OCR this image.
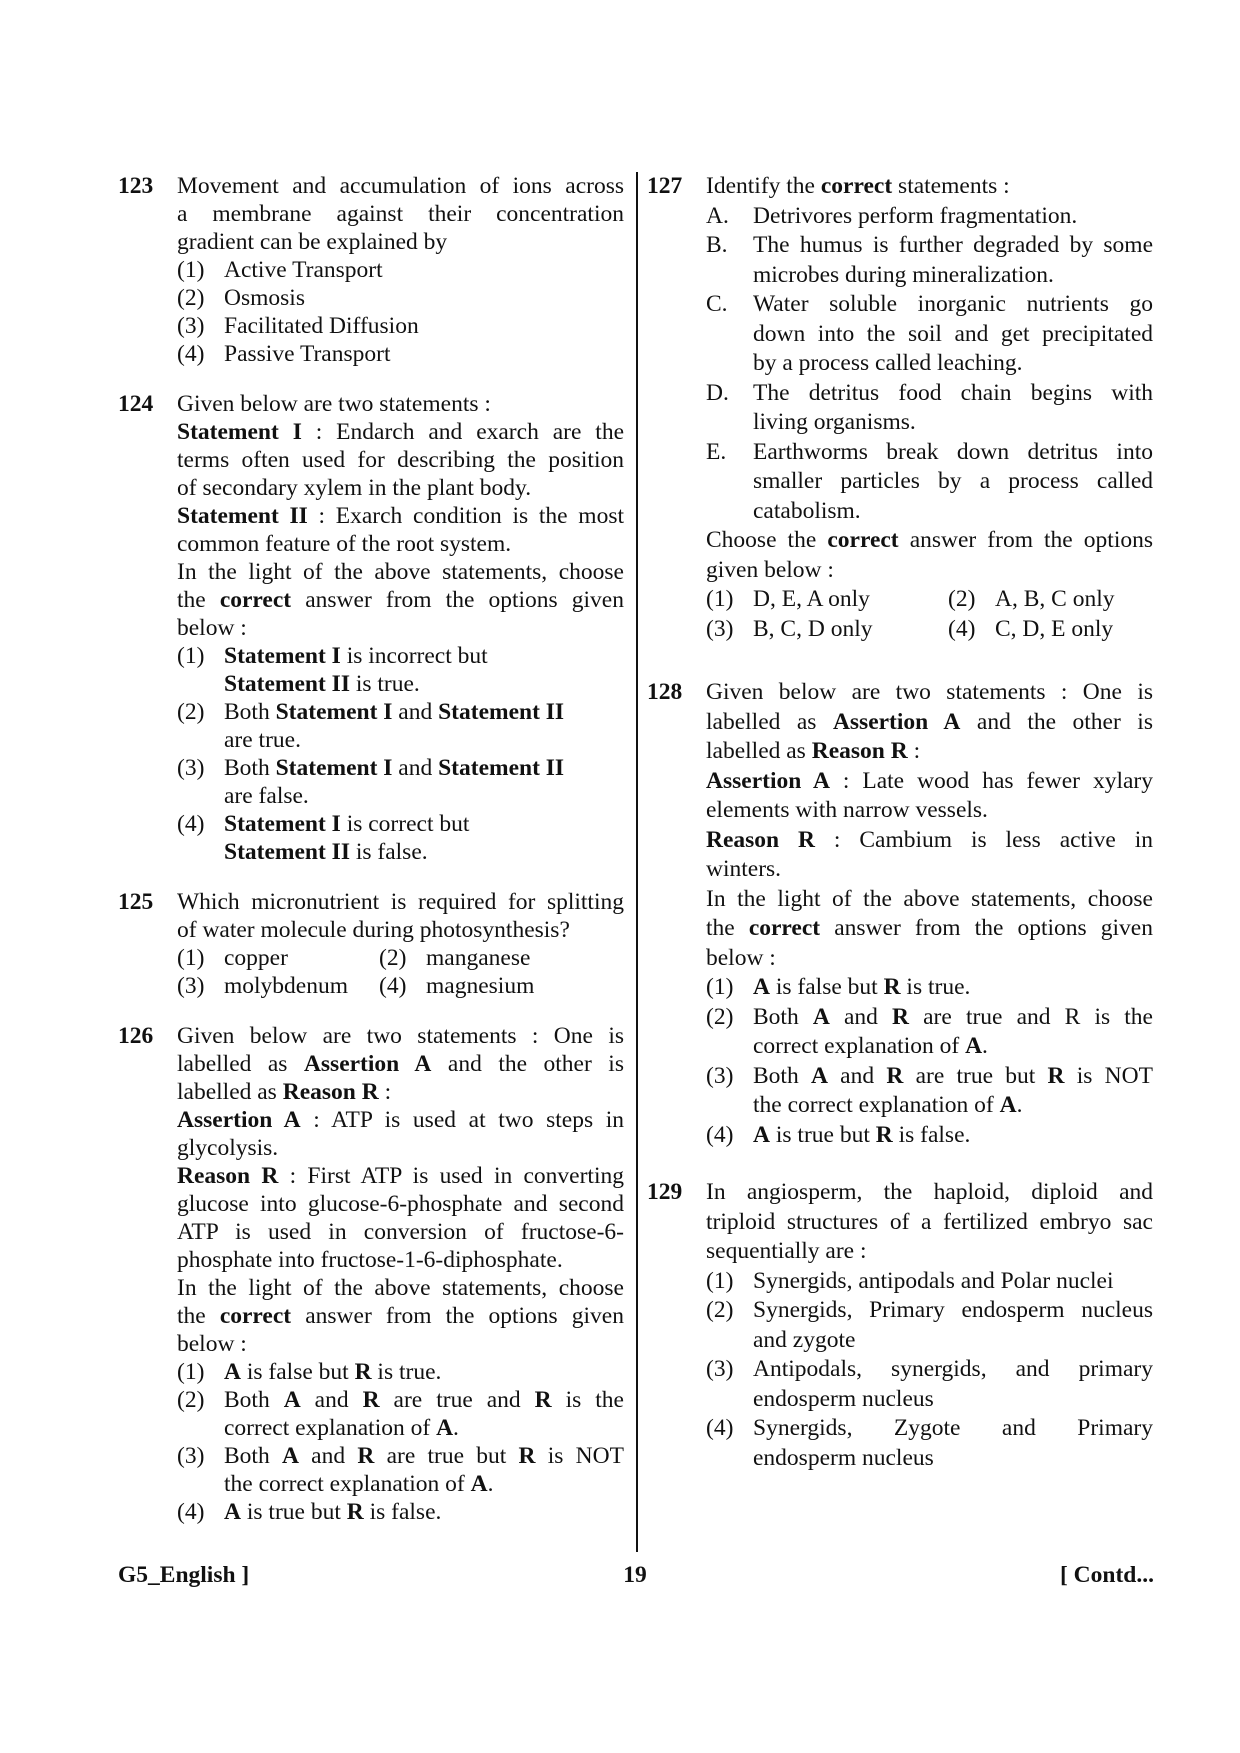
123 Movement and accumulation of ions across
a membrane against their concentration
gradient can be explained by
(1) Active Transport
(2) Osmosis
(3) Facilitated Diffusion
(4) Passive Transport
124 Given below are two statements :
Statement I : Endarch and exarch are the
terms often used for describing the position
of secondary xylem in the plant body.
Statement II : Exarch condition is the most
common feature of the root system.
In the light of the above statements, choose
the correct answer from the options given
below :
(1) Statement I is incorrect but
Statement II is true.
(2) Both Statement I and Statement II
are true.
(3) Both Statement I and Statement II
are false.
(4) Statement I is correct but
Statement II is false.
125 Which micronutrient is required for splitting
of water molecule during photosynthesis?
(1) copper	(2) manganese
(3) molybdenum	(4) magnesium
126 Given below are two statements : One is
labelled as Assertion A and the other is
labelled as Reason R :
Assertion A : ATP is used at two steps in
glycolysis.
Reason R : First ATP is used in converting
glucose into glucose-6-phosphate and second
ATP is used in conversion of fructose-6-
phosphate into fructose-1-6-diphosphate.
In the light of the above statements, choose
the correct answer from the options given
below :
(1) A is false but R is true.
(2) Both A and R are true and R is the
correct explanation of A.
(3) Both A and R are true but R is NOT
the correct explanation of A.
(4) A is true but R is false.
127 Identify the correct statements :
A. Detrivores perform fragmentation.
B. The humus is further degraded by some
microbes during mineralization.
C. Water soluble inorganic nutrients go
down into the soil and get precipitated
by a process called leaching.
D. The detritus food chain begins with
living organisms.
E. Earthworms break down detritus into
smaller particles by a process called
catabolism.
Choose the correct answer from the options
given below :
(1) D, E, A only	(2) A, B, C only
(3) B, C, D only	(4) C, D, E only
128 Given below are two statements : One is
labelled as Assertion A and the other is
labelled as Reason R :
Assertion A : Late wood has fewer xylary
elements with narrow vessels.
Reason R : Cambium is less active in
winters.
In the light of the above statements, choose
the correct answer from the options given
below :
(1) A is false but R is true.
(2) Both A and R are true and R is the
correct explanation of A.
(3) Both A and R are true but R is NOT
the correct explanation of A.
(4) A is true but R is false.
129 In angiosperm, the haploid, diploid and
triploid structures of a fertilized embryo sac
sequentially are :
(1) Synergids, antipodals and Polar nuclei
(2) Synergids, Primary endosperm nucleus
and zygote
(3) Antipodals, synergids, and primary
endosperm nucleus
(4) Synergids, Zygote and Primary
endosperm nucleus
G5_English ]	19	[ Contd...
